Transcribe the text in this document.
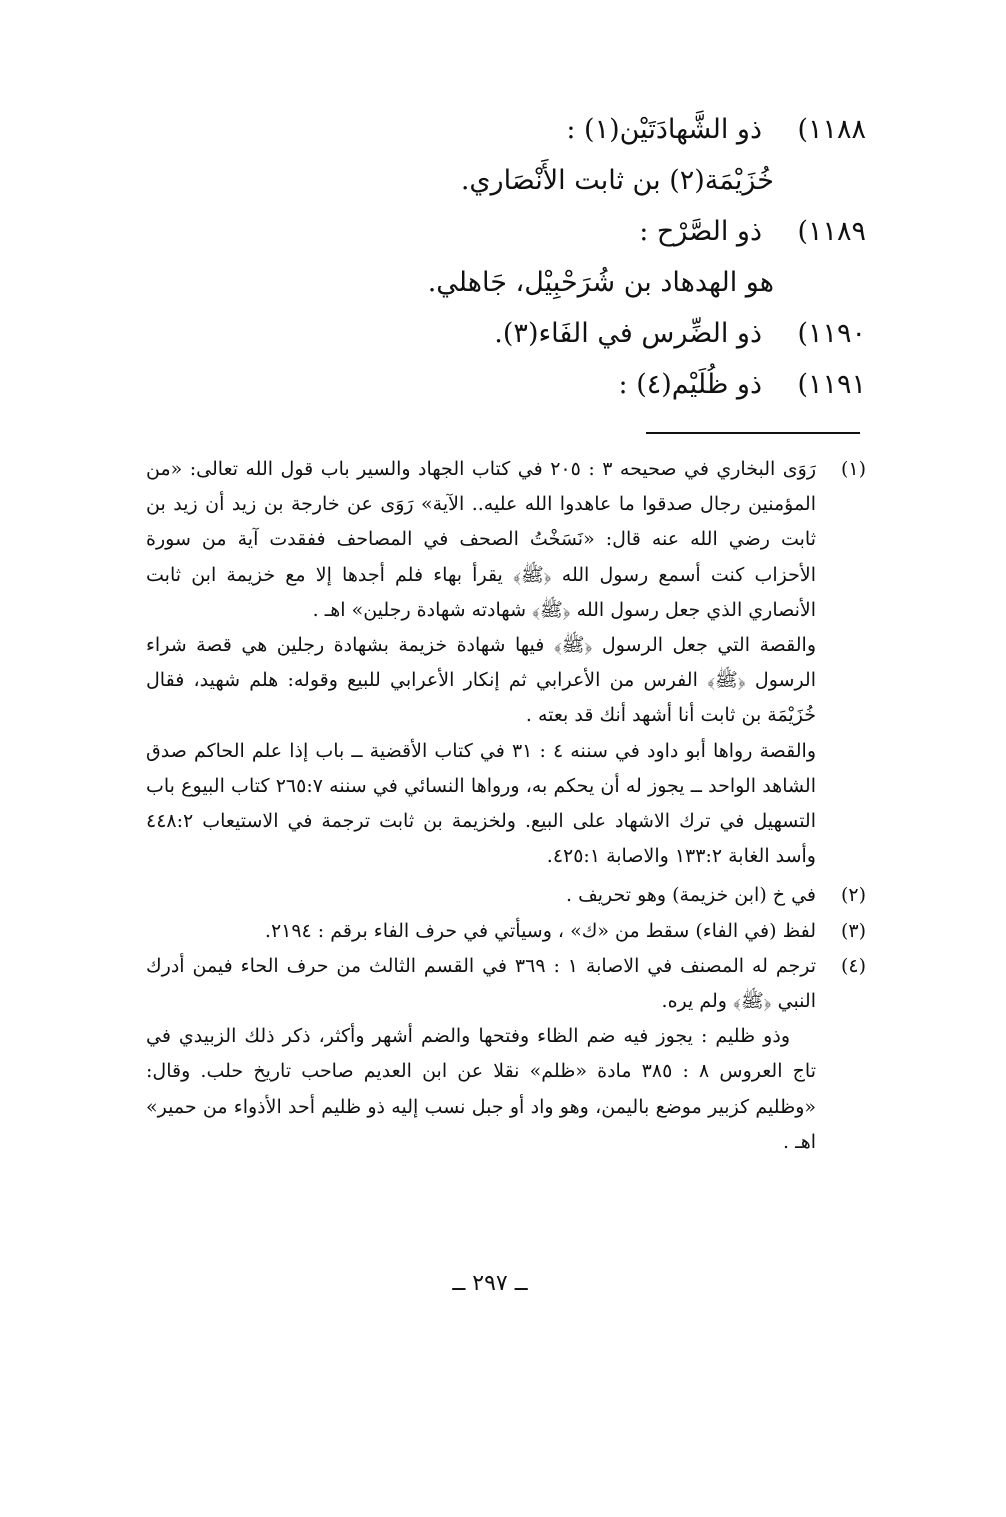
١١٨٨)
ذو الشَّهادَتَيْن(١) :
خُزَيْمَة(٢) بن ثابت الأَنْصَاري.
١١٨٩)
ذو الصَّرْح :
هو الهدهاد بن شُرَحْبِيْل، جَاهلي.
١١٩٠)
ذو الضِّرس في الفَاء(٣).
١١٩١)
ذو ظُلَيْم(٤) :
(١)
رَوَى البخاري في صحيحه ٣ : ٢٠٥ في كتاب الجهاد والسير باب قول الله تعالى: «من المؤمنين رجال صدقوا ما عاهدوا الله عليه.. الآية» رَوَى عن خارجة بن زيد أن زيد بن ثابت رضي الله عنه قال: «نَسَخْتُ الصحف في المصاحف ففقدت آية من سورة الأحزاب كنت أسمع رسول الله ﴿ﷺ﴾ يقرأ بهاء فلم أجدها إلا مع خزيمة ابن ثابت الأنصاري الذي جعل رسول الله ﴿ﷺ﴾ شهادته شهادة رجلين» اهـ .
والقصة التي جعل الرسول ﴿ﷺ﴾ فيها شهادة خزيمة بشهادة رجلين هي قصة شراء الرسول ﴿ﷺ﴾ الفرس من الأعرابي ثم إنكار الأعرابي للبيع وقوله: هلم شهيد، فقال خُزَيْمَة بن ثابت أنا أشهد أنك قد بعته .
والقصة رواها أبو داود في سننه ٤ : ٣١ في كتاب الأقضية ــ باب إذا علم الحاكم صدق الشاهد الواحد ــ يجوز له أن يحكم به، ورواها النسائي في سننه ٢٦٥:٧ كتاب البيوع باب التسهيل في ترك الاشهاد على البيع. ولخزيمة بن ثابت ترجمة في الاستيعاب ٤٤٨:٢ وأسد الغابة ١٣٣:٢ والاصابة ٤٢٥:١.
(٢)
في خ (ابن خزيمة) وهو تحريف .
(٣)
لفظ (في الفاء) سقط من «ك» ، وسيأتي في حرف الفاء برقم : ٢١٩٤.
(٤)
ترجم له المصنف في الاصابة ١ : ٣٦٩ في القسم الثالث من حرف الحاء فيمن أدرك النبي ﴿ﷺ﴾ ولم يره.
وذو ظليم : يجوز فيه ضم الظاء وفتحها والضم أشهر وأكثر، ذكر ذلك الزبيدي في تاج العروس ٨ : ٣٨٥ مادة «ظلم» نقلا عن ابن العديم صاحب تاريخ حلب. وقال: «وظليم كزبير موضع باليمن، وهو واد أو جبل نسب إليه ذو ظليم أحد الأذواء من حمير» اهـ .
ــ ٢٩٧ ــ
